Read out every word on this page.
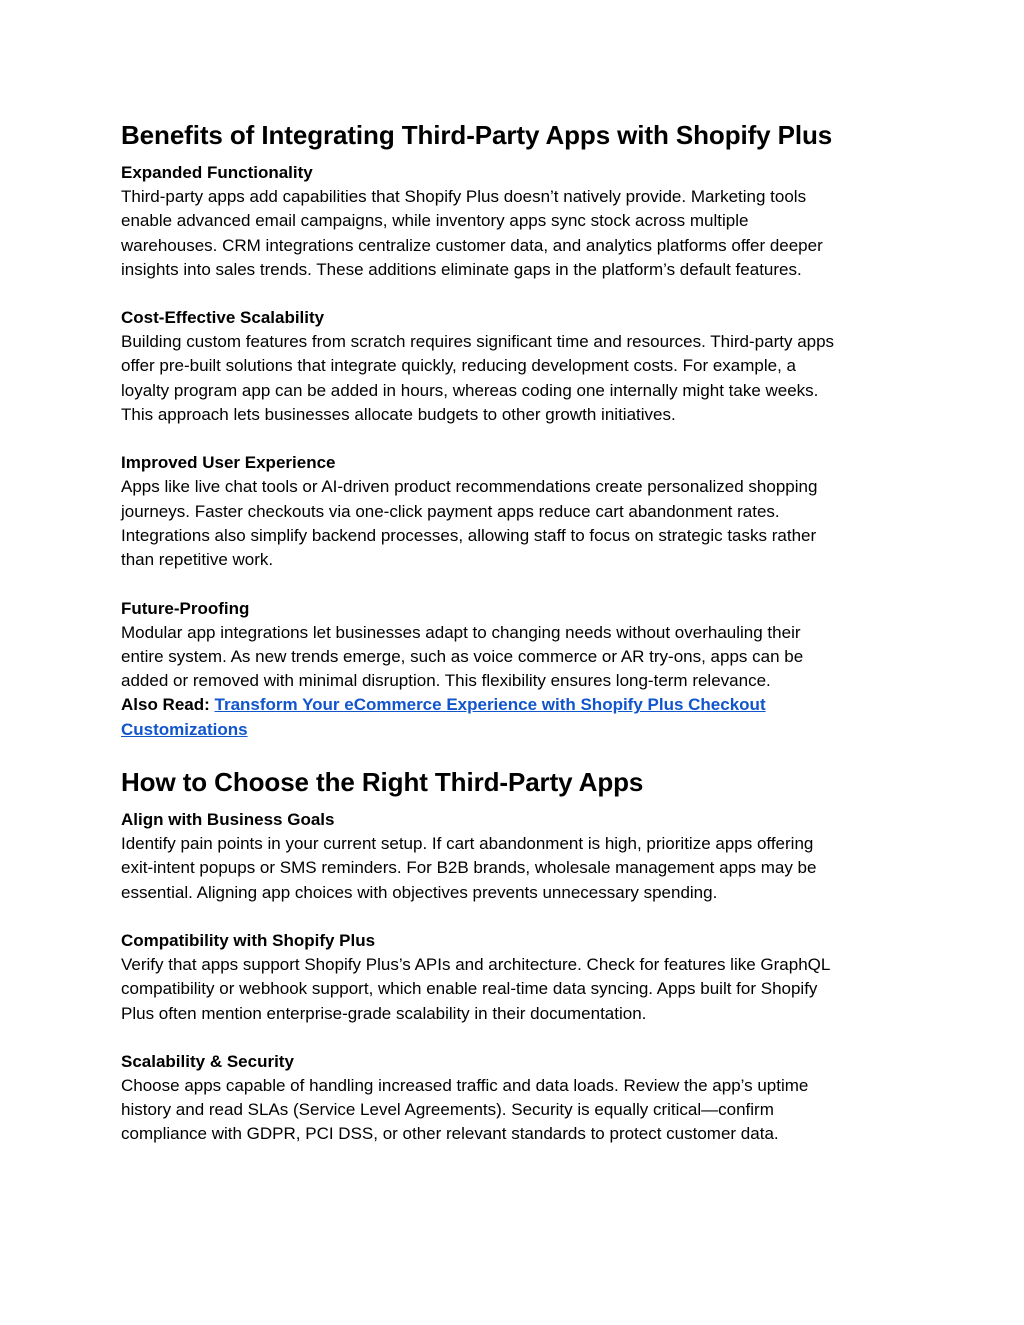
Benefits of Integrating Third-Party Apps with Shopify Plus
Expanded Functionality
Third-party apps add capabilities that Shopify Plus doesn’t natively provide. Marketing tools
enable advanced email campaigns, while inventory apps sync stock across multiple
warehouses. CRM integrations centralize customer data, and analytics platforms offer deeper
insights into sales trends. These additions eliminate gaps in the platform’s default features.
Cost-Effective Scalability
Building custom features from scratch requires significant time and resources. Third-party apps
offer pre-built solutions that integrate quickly, reducing development costs. For example, a
loyalty program app can be added in hours, whereas coding one internally might take weeks.
This approach lets businesses allocate budgets to other growth initiatives.
Improved User Experience
Apps like live chat tools or AI-driven product recommendations create personalized shopping
journeys. Faster checkouts via one-click payment apps reduce cart abandonment rates.
Integrations also simplify backend processes, allowing staff to focus on strategic tasks rather
than repetitive work.
Future-Proofing
Modular app integrations let businesses adapt to changing needs without overhauling their
entire system. As new trends emerge, such as voice commerce or AR try-ons, apps can be
added or removed with minimal disruption. This flexibility ensures long-term relevance.
Also Read: Transform Your eCommerce Experience with Shopify Plus Checkout
Customizations
How to Choose the Right Third-Party Apps
Align with Business Goals
Identify pain points in your current setup. If cart abandonment is high, prioritize apps offering
exit-intent popups or SMS reminders. For B2B brands, wholesale management apps may be
essential. Aligning app choices with objectives prevents unnecessary spending.
Compatibility with Shopify Plus
Verify that apps support Shopify Plus’s APIs and architecture. Check for features like GraphQL
compatibility or webhook support, which enable real-time data syncing. Apps built for Shopify
Plus often mention enterprise-grade scalability in their documentation.
Scalability & Security
Choose apps capable of handling increased traffic and data loads. Review the app’s uptime
history and read SLAs (Service Level Agreements). Security is equally critical—confirm
compliance with GDPR, PCI DSS, or other relevant standards to protect customer data.
